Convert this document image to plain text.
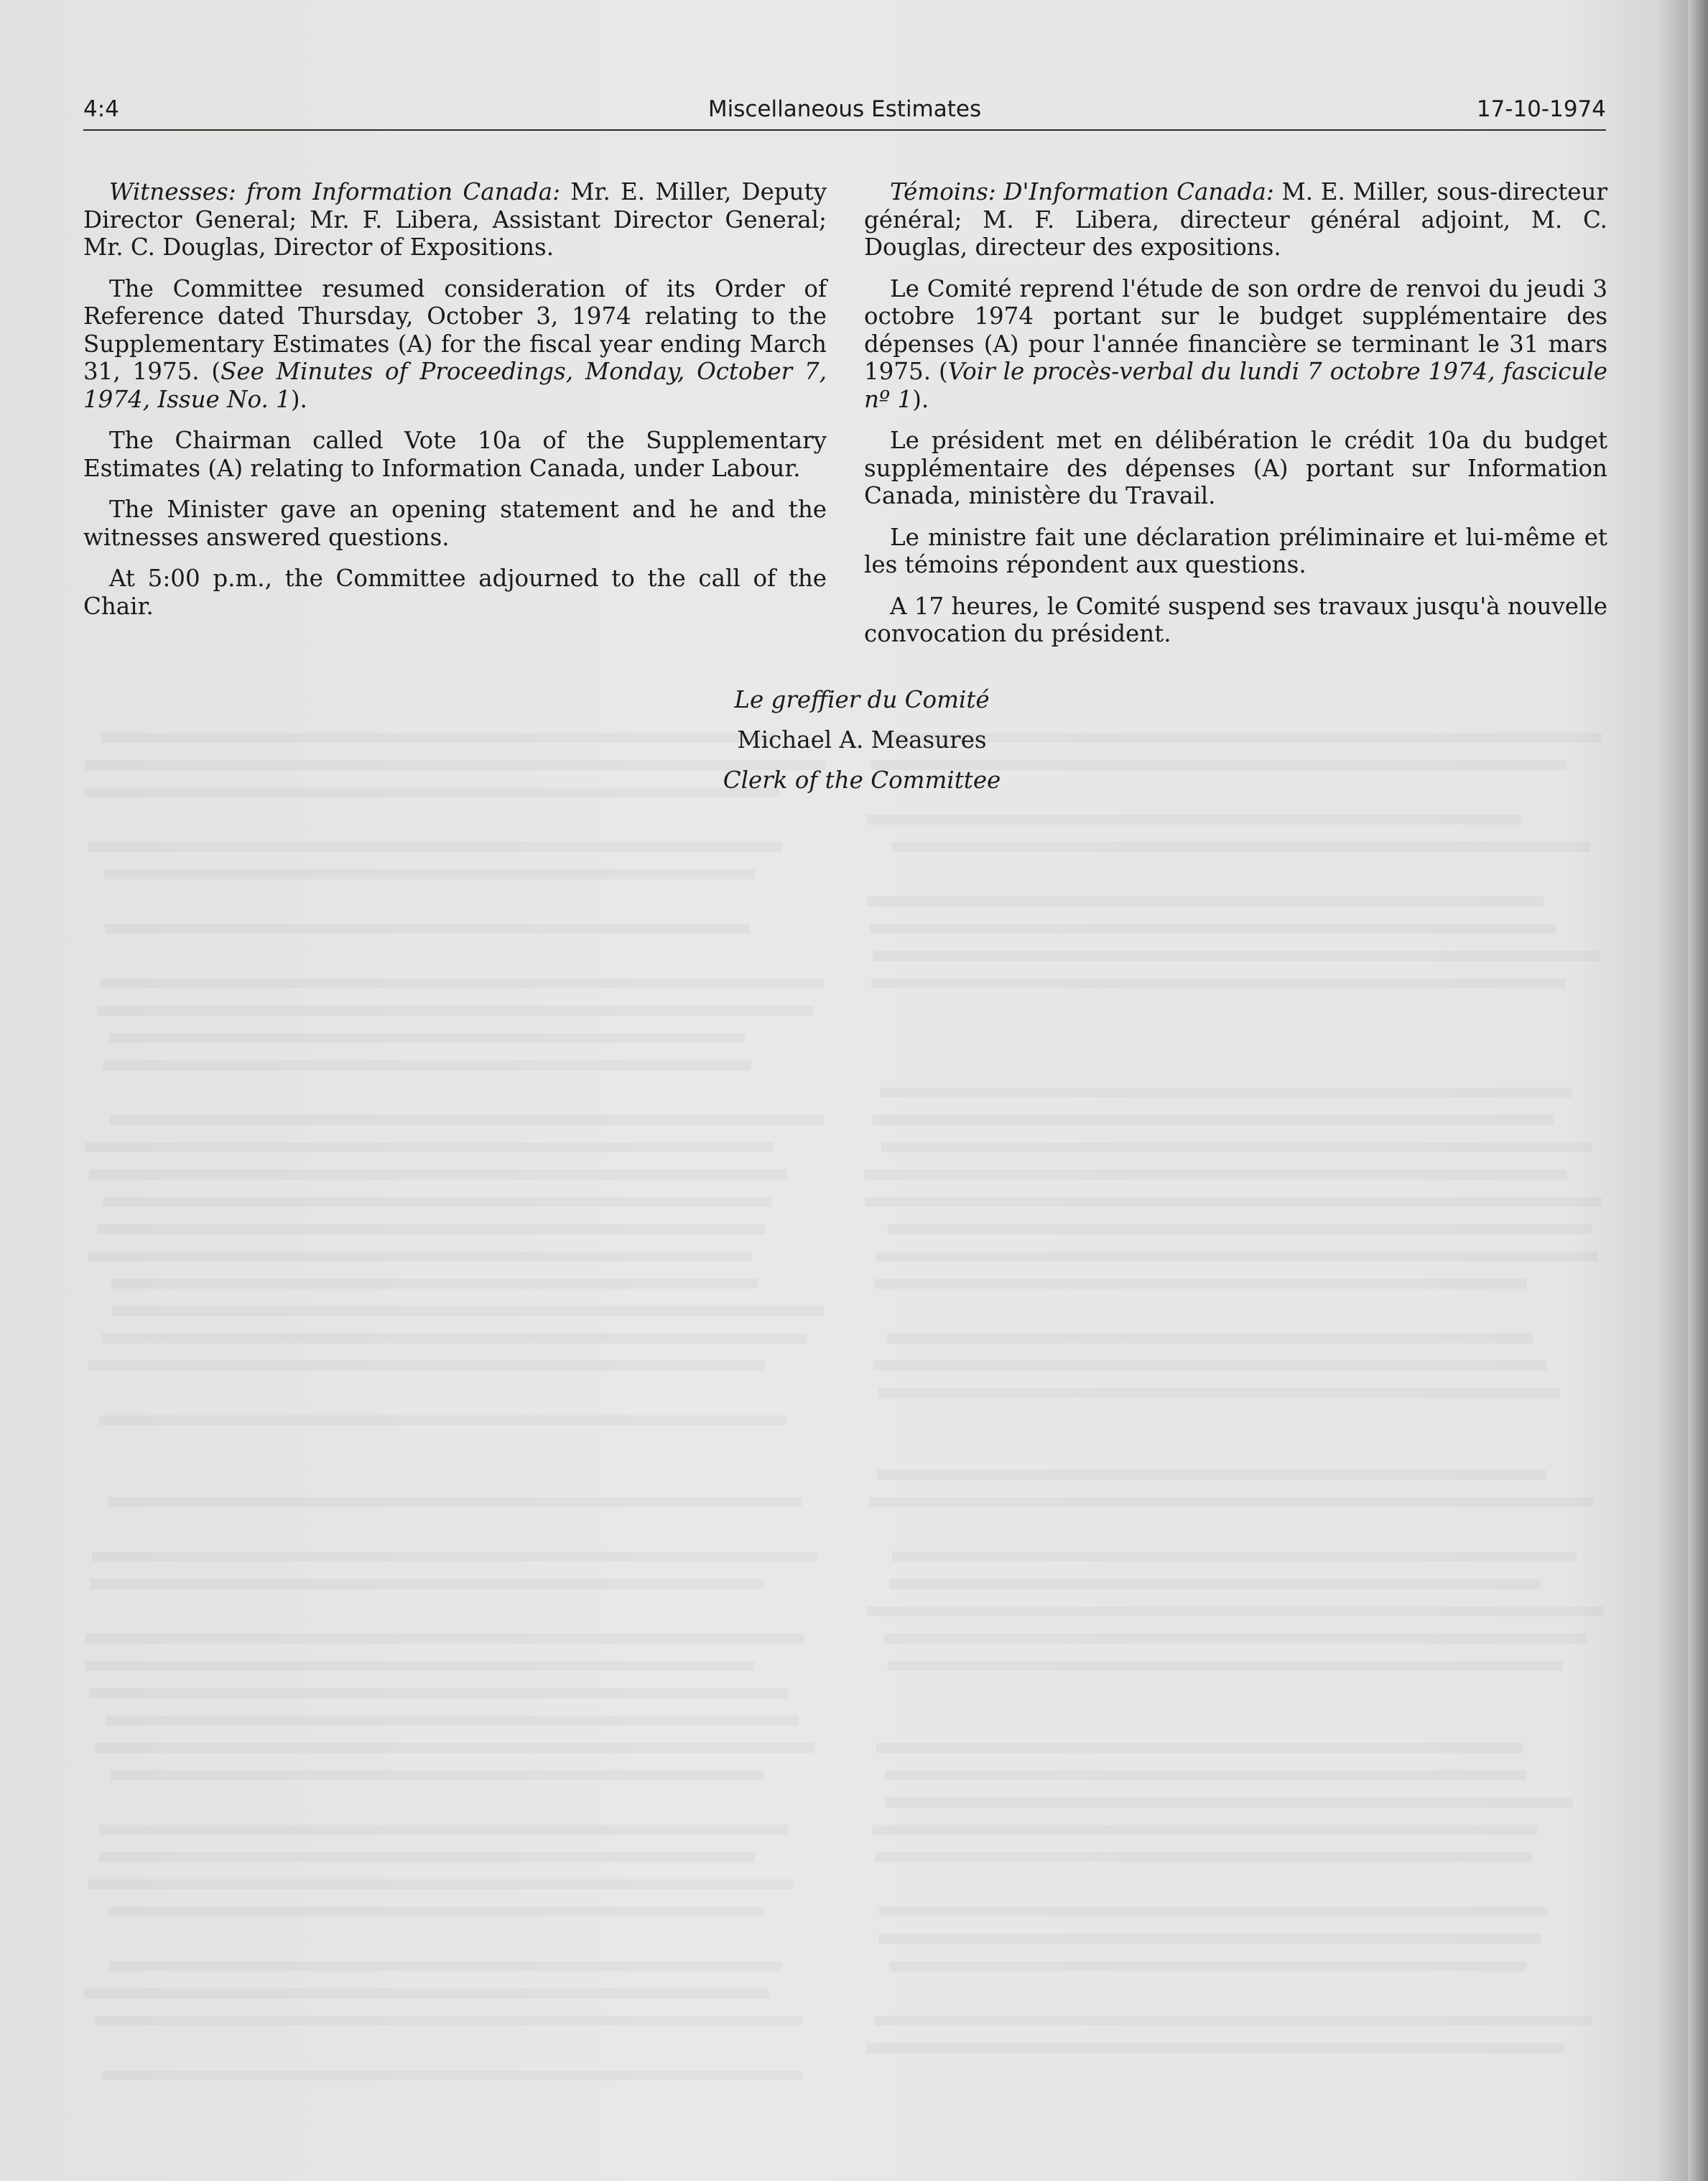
4:4	Miscellaneous Estimates	17-10-1974

Witnesses: from Information Canada: Mr. E. Miller, Deputy Director General; Mr. F. Libera, Assistant Director General; Mr. C. Douglas, Director of Expositions.

The Committee resumed consideration of its Order of Reference dated Thursday, October 3, 1974 relating to the Supplementary Estimates (A) for the fiscal year ending March 31, 1975. (See Minutes of Proceedings, Monday, October 7, 1974, Issue No. 1).

The Chairman called Vote 10a of the Supplementary Estimates (A) relating to Information Canada, under Labour.

The Minister gave an opening statement and he and the witnesses answered questions.

At 5:00 p.m., the Committee adjourned to the call of the Chair.

Témoins: D'Information Canada: M. E. Miller, sous-directeur général; M. F. Libera, directeur général adjoint, M. C. Douglas, directeur des expositions.

Le Comité reprend l'étude de son ordre de renvoi du jeudi 3 octobre 1974 portant sur le budget supplémentaire des dépenses (A) pour l'année financière se terminant le 31 mars 1975. (Voir le procès-verbal du lundi 7 octobre 1974, fascicule nº 1).

Le président met en délibération le crédit 10a du budget supplémentaire des dépenses (A) portant sur Information Canada, ministère du Travail.

Le ministre fait une déclaration préliminaire et lui-même et les témoins répondent aux questions.

A 17 heures, le Comité suspend ses travaux jusqu'à nouvelle convocation du président.

Le greffier du Comité
Michael A. Measures
Clerk of the Committee
